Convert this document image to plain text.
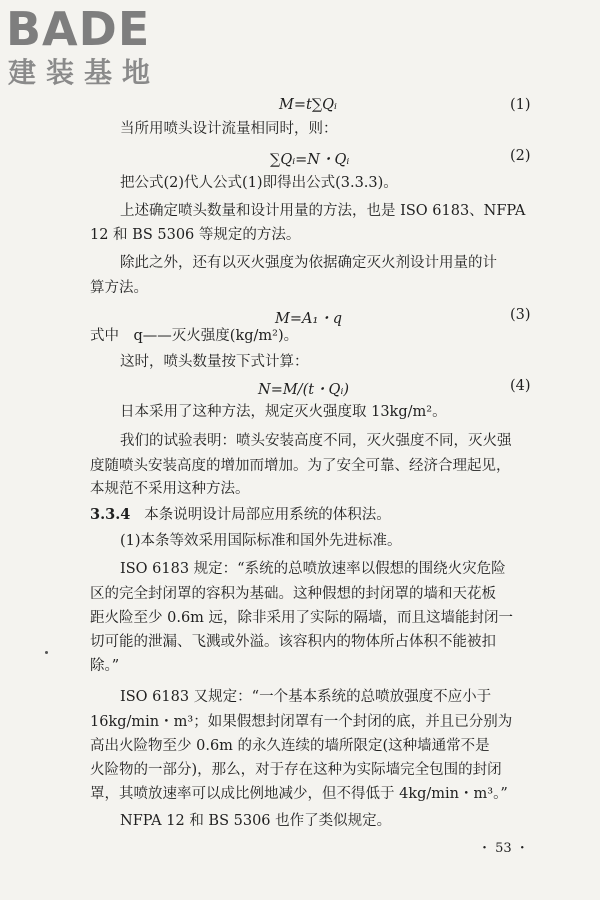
BADE
建装基地
M=t∑Qᵢ	(1)
当所用喷头设计流量相同时，则：
∑Qᵢ=N・Qᵢ	(2)
把公式(2)代人公式(1)即得出公式(3.3.3)。
上述确定喷头数量和设计用量的方法，也是 ISO 6183、NFPA
12 和 BS 5306 等规定的方法。
除此之外，还有以灭火强度为依据确定灭火剂设计用量的计
算方法。
M=A₁・q	(3)
式中　q——灭火强度(kg/m²)。
这时，喷头数量按下式计算：
N=M/(t・Qᵢ)	(4)
日本采用了这种方法，规定灭火强度取 13kg/m²。
我们的试验表明：喷头安装高度不同，灭火强度不同，灭火强
度随喷头安装高度的增加而增加。为了安全可靠、经济合理起见，
本规范不采用这种方法。
3.3.4 本条说明设计局部应用系统的体积法。
(1)本条等效采用国际标准和国外先进标准。
ISO 6183 规定：“系统的总喷放速率以假想的围绕火灾危险
区的完全封闭罩的容积为基础。这种假想的封闭罩的墙和天花板
距火险至少 0.6m 远，除非采用了实际的隔墙，而且这墙能封闭一
切可能的泄漏、飞溅或外溢。该容积内的物体所占体积不能被扣
除。”
ISO 6183 又规定：“一个基本系统的总喷放强度不应小于
16kg/min・m³；如果假想封闭罩有一个封闭的底，并且已分别为
高出火险物至少 0.6m 的永久连续的墙所限定(这种墙通常不是
火险物的一部分)，那么，对于存在这种为实际墙完全包围的封闭
罩，其喷放速率可以成比例地减少，但不得低于 4kg/min・m³。”
NFPA 12 和 BS 5306 也作了类似规定。
・ 53 ・
